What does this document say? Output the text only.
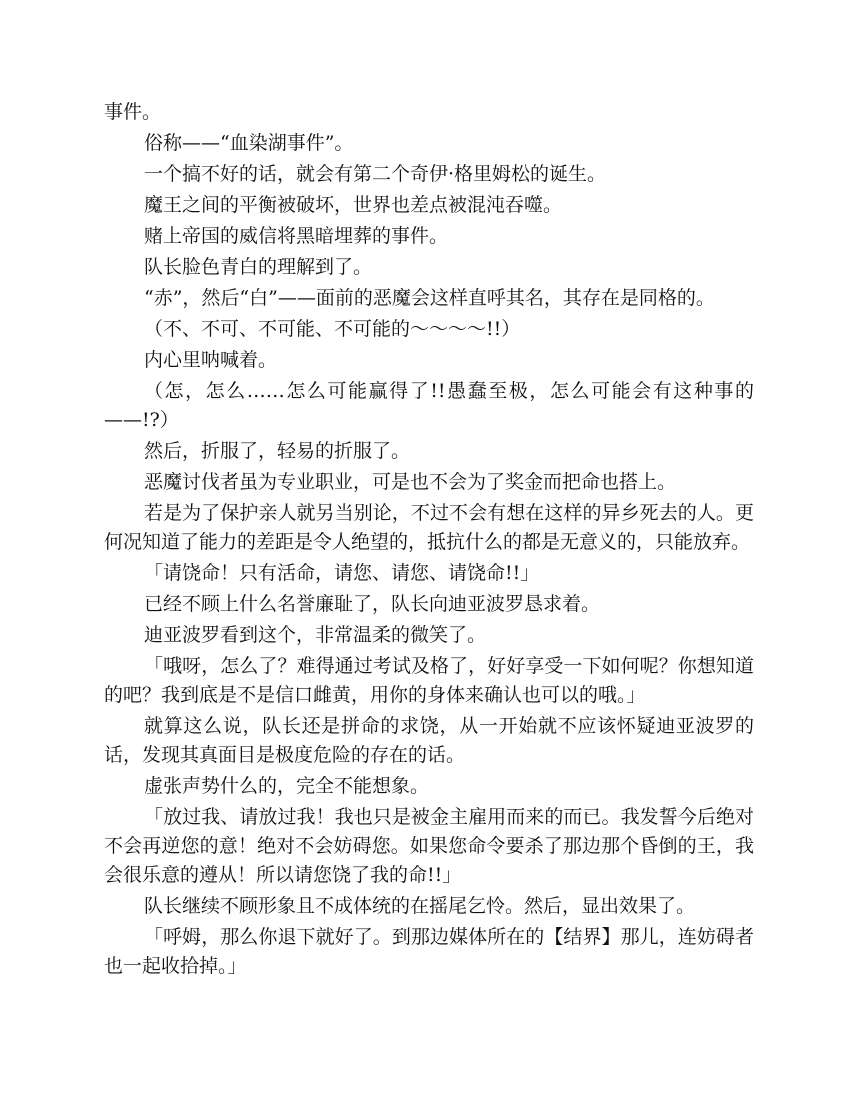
事件。

俗称——“血染湖事件”。

一个搞不好的话，就会有第二个奇伊·格里姆松的诞生。

魔王之间的平衡被破坏，世界也差点被混沌吞噬。

赌上帝国的威信将黑暗埋葬的事件。

队长脸色青白的理解到了。

“赤”，然后“白”——面前的恶魔会这样直呼其名，其存在是同格的。

（不、不可、不可能、不可能的～～～～!!）

内心里呐喊着。

（怎，怎么……怎么可能赢得了!!愚蠢至极，怎么可能会有这种事的——!?）

然后，折服了，轻易的折服了。

恶魔讨伐者虽为专业职业，可是也不会为了奖金而把命也搭上。

若是为了保护亲人就另当别论，不过不会有想在这样的异乡死去的人。更何况知道了能力的差距是令人绝望的，抵抗什么的都是无意义的，只能放弃。

「请饶命！只有活命，请您、请您、请饶命!!」

已经不顾上什么名誉廉耻了，队长向迪亚波罗恳求着。

迪亚波罗看到这个，非常温柔的微笑了。

「哦呀，怎么了？难得通过考试及格了，好好享受一下如何呢？你想知道的吧？我到底是不是信口雌黄，用你的身体来确认也可以的哦。」

就算这么说，队长还是拼命的求饶，从一开始就不应该怀疑迪亚波罗的话，发现其真面目是极度危险的存在的话。

虚张声势什么的，完全不能想象。

「放过我、请放过我！我也只是被金主雇用而来的而已。我发誓今后绝对不会再逆您的意！绝对不会妨碍您。如果您命令要杀了那边那个昏倒的王，我会很乐意的遵从！所以请您饶了我的命!!」

队长继续不顾形象且不成体统的在摇尾乞怜。然后，显出效果了。

「呼姆，那么你退下就好了。到那边媒体所在的【结界】那儿，连妨碍者也一起收拾掉。」
